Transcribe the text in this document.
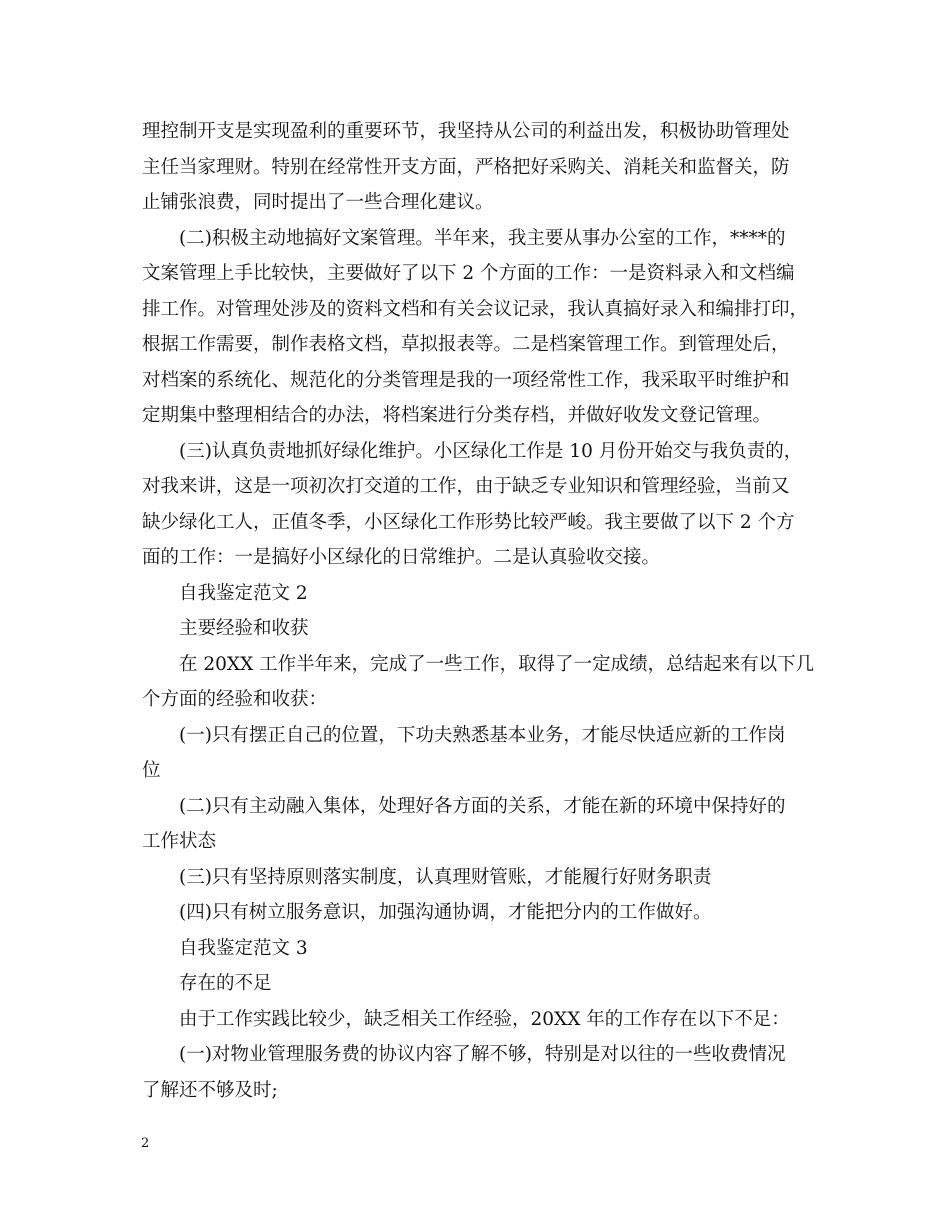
理控制开支是实现盈利的重要环节，我坚持从公司的利益出发，积极协助管理处
主任当家理财。特别在经常性开支方面，严格把好采购关、消耗关和监督关，防
止铺张浪费，同时提出了一些合理化建议。
(二)积极主动地搞好文案管理。半年来，我主要从事办公室的工作，****的
文案管理上手比较快，主要做好了以下 2 个方面的工作：一是资料录入和文档编
排工作。对管理处涉及的资料文档和有关会议记录，我认真搞好录入和编排打印，
根据工作需要，制作表格文档，草拟报表等。二是档案管理工作。到管理处后，
对档案的系统化、规范化的分类管理是我的一项经常性工作，我采取平时维护和
定期集中整理相结合的办法，将档案进行分类存档，并做好收发文登记管理。
(三)认真负责地抓好绿化维护。小区绿化工作是 10 月份开始交与我负责的，
对我来讲，这是一项初次打交道的工作，由于缺乏专业知识和管理经验，当前又
缺少绿化工人，正值冬季，小区绿化工作形势比较严峻。我主要做了以下 2 个方
面的工作：一是搞好小区绿化的日常维护。二是认真验收交接。
自我鉴定范文 2
主要经验和收获
在 20XX 工作半年来，完成了一些工作，取得了一定成绩，总结起来有以下几
个方面的经验和收获：
(一)只有摆正自己的位置，下功夫熟悉基本业务，才能尽快适应新的工作岗
位
(二)只有主动融入集体，处理好各方面的关系，才能在新的环境中保持好的
工作状态
(三)只有坚持原则落实制度，认真理财管账，才能履行好财务职责
(四)只有树立服务意识，加强沟通协调，才能把分内的工作做好。
自我鉴定范文 3
存在的不足
由于工作实践比较少，缺乏相关工作经验，20XX 年的工作存在以下不足：
(一)对物业管理服务费的协议内容了解不够，特别是对以往的一些收费情况
了解还不够及时;
2
